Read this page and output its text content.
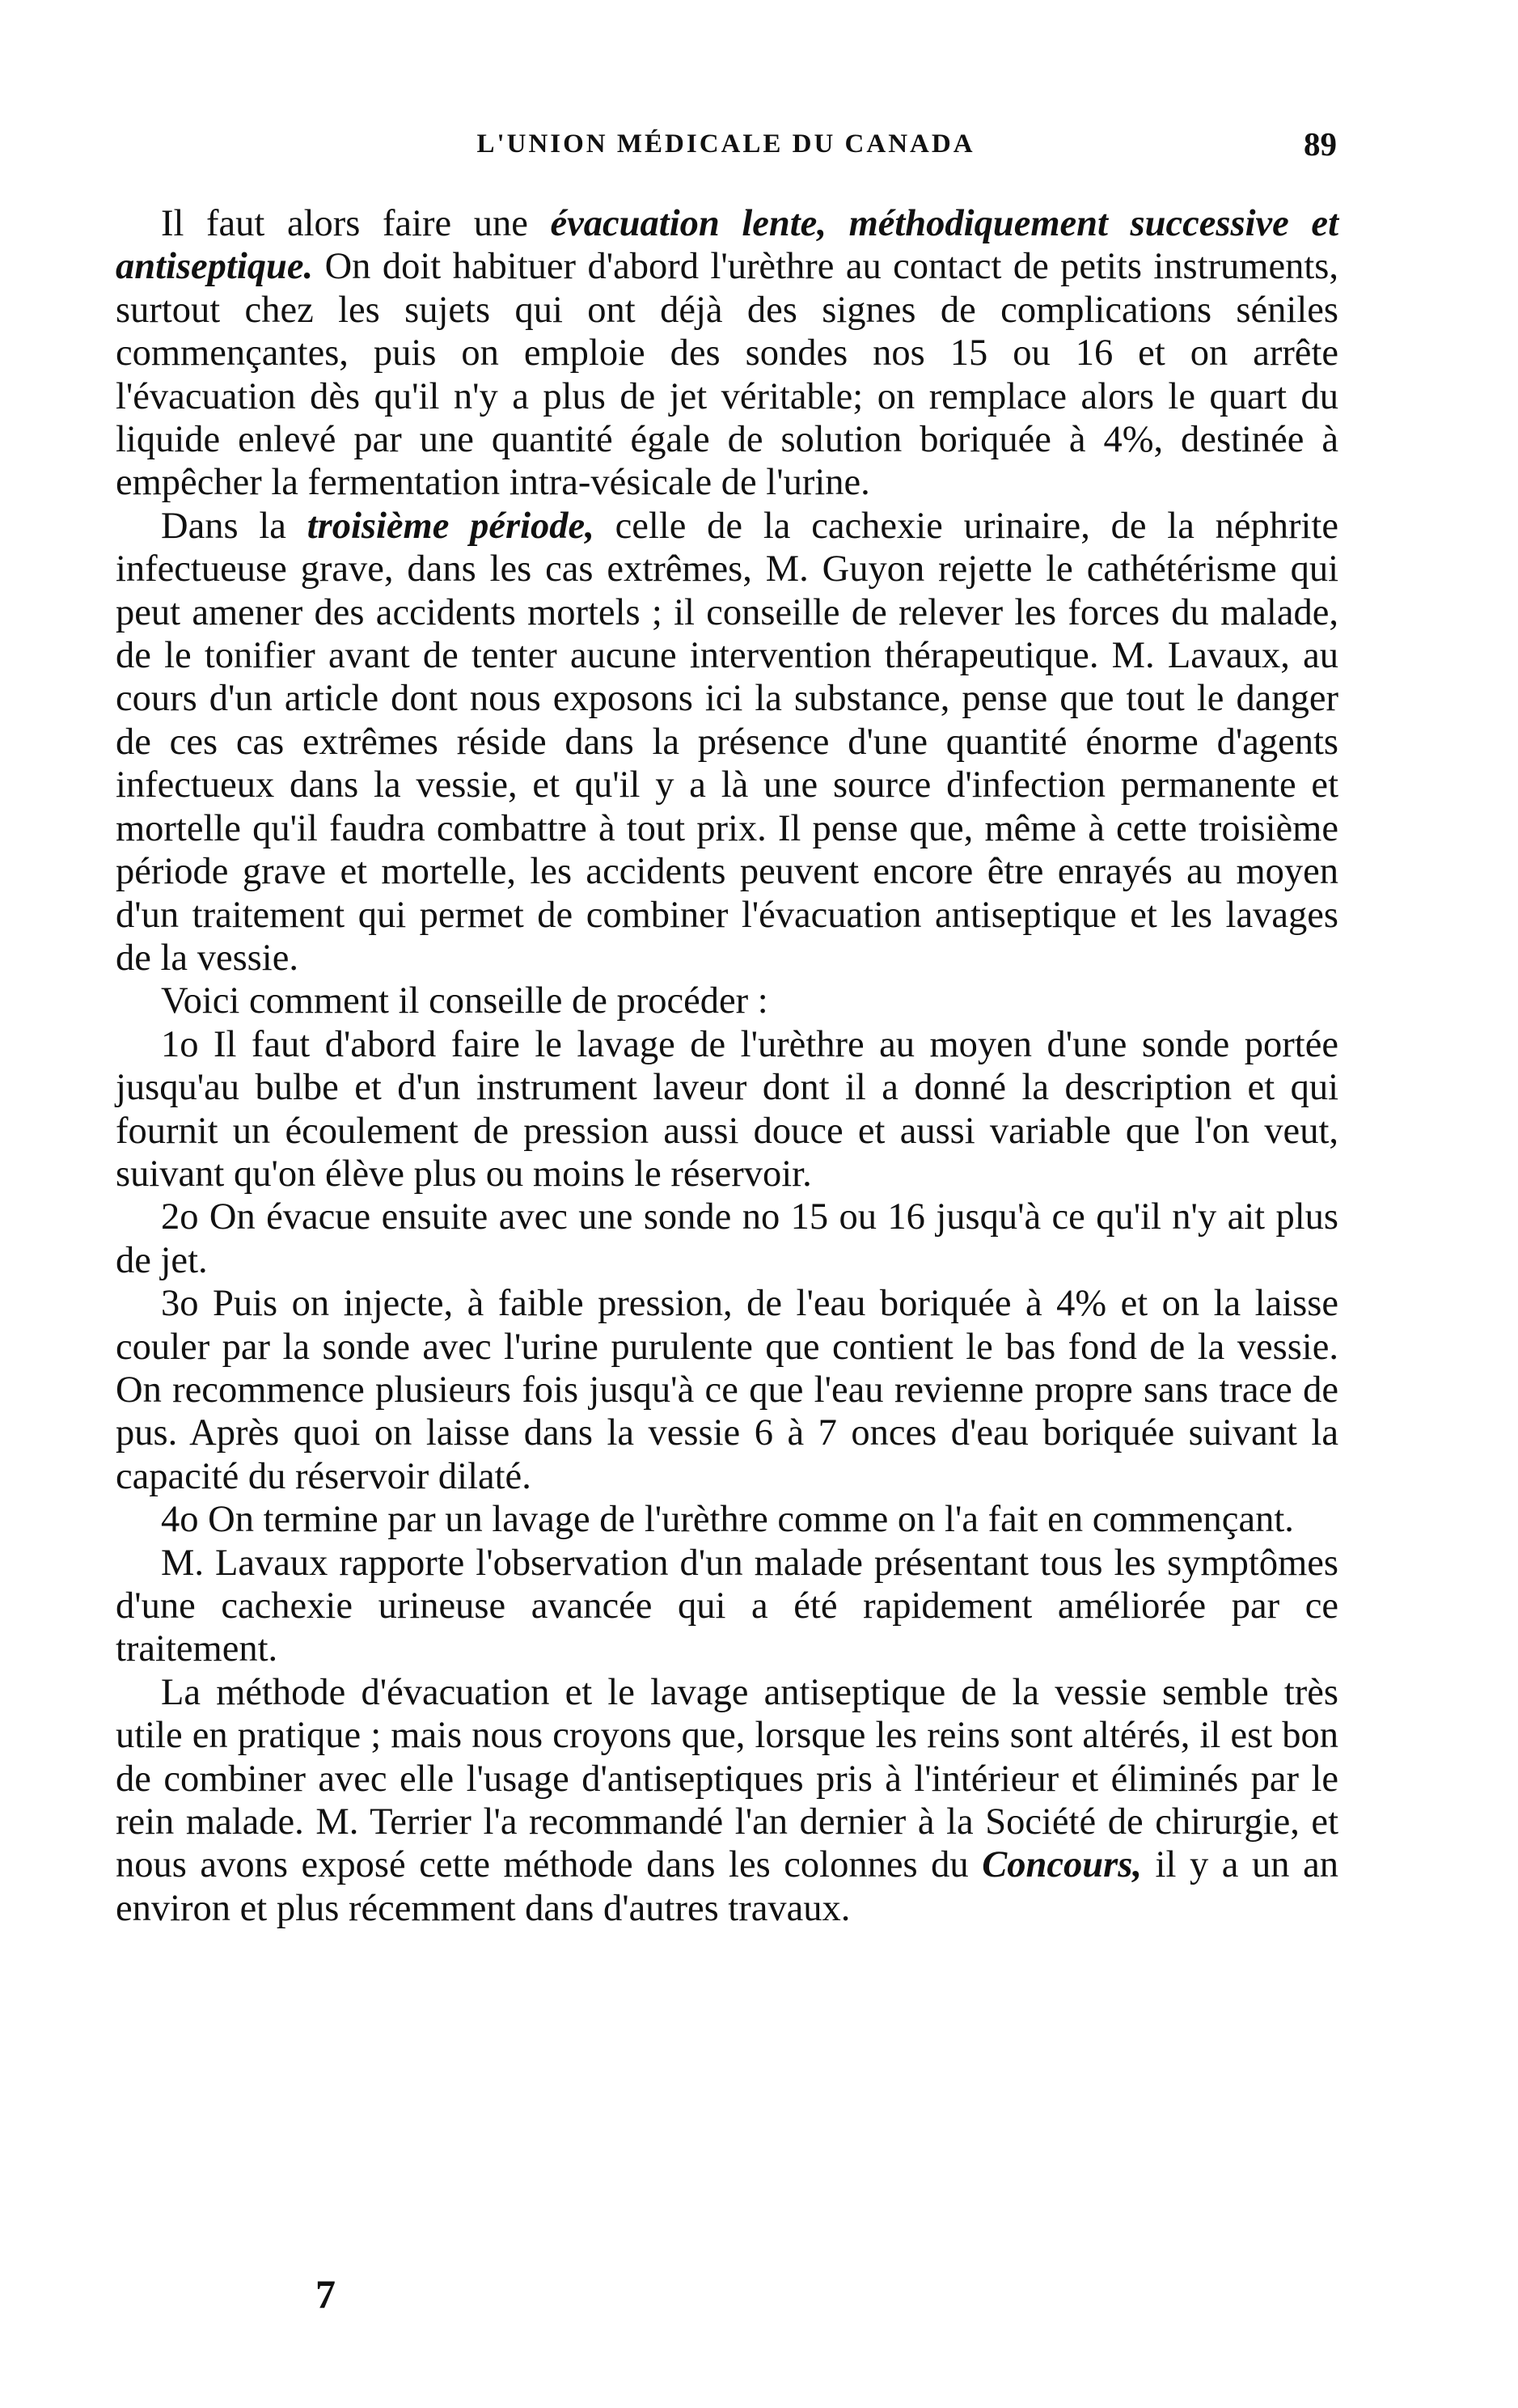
L'UNION MÉDICALE DU CANADA	89

Il faut alors faire une évacuation lente, méthodiquement successive et antiseptique. On doit habituer d'abord l'urèthre au contact de petits instruments, surtout chez les sujets qui ont déjà des signes de complications séniles commençantes, puis on emploie des sondes nos 15 ou 16 et on arrête l'évacuation dès qu'il n'y a plus de jet véritable; on remplace alors le quart du liquide enlevé par une quantité égale de solution boriquée à 4%, destinée à empêcher la fermentation intra-vésicale de l'urine.

Dans la troisième période, celle de la cachexie urinaire, de la néphrite infectueuse grave, dans les cas extrêmes, M. Guyon rejette le cathétérisme qui peut amener des accidents mortels ; il conseille de relever les forces du malade, de le tonifier avant de tenter aucune intervention thérapeutique. M. Lavaux, au cours d'un article dont nous exposons ici la substance, pense que tout le danger de ces cas extrêmes réside dans la présence d'une quantité énorme d'agents infectueux dans la vessie, et qu'il y a là une source d'infection permanente et mortelle qu'il faudra combattre à tout prix. Il pense que, même à cette troisième période grave et mortelle, les accidents peuvent encore être enrayés au moyen d'un traitement qui permet de combiner l'évacuation antiseptique et les lavages de la vessie.

Voici comment il conseille de procéder :

1o Il faut d'abord faire le lavage de l'urèthre au moyen d'une sonde portée jusqu'au bulbe et d'un instrument laveur dont il a donné la description et qui fournit un écoulement de pression aussi douce et aussi variable que l'on veut, suivant qu'on élève plus ou moins le réservoir.

2o On évacue ensuite avec une sonde no 15 ou 16 jusqu'à ce qu'il n'y ait plus de jet.

3o Puis on injecte, à faible pression, de l'eau boriquée à 4% et on la laisse couler par la sonde avec l'urine purulente que contient le bas fond de la vessie. On recommence plusieurs fois jusqu'à ce que l'eau revienne propre sans trace de pus. Après quoi on laisse dans la vessie 6 à 7 onces d'eau boriquée suivant la capacité du réservoir dilaté.

4o On termine par un lavage de l'urèthre comme on l'a fait en commençant.

M. Lavaux rapporte l'observation d'un malade présentant tous les symptômes d'une cachexie urineuse avancée qui a été rapidement améliorée par ce traitement.

La méthode d'évacuation et le lavage antiseptique de la vessie semble très utile en pratique ; mais nous croyons que, lorsque les reins sont altérés, il est bon de combiner avec elle l'usage d'antiseptiques pris à l'intérieur et éliminés par le rein malade. M. Terrier l'a recommandé l'an dernier à la Société de chirurgie, et nous avons exposé cette méthode dans les colonnes du Concours, il y a un an environ et plus récemment dans d'autres travaux.

7
